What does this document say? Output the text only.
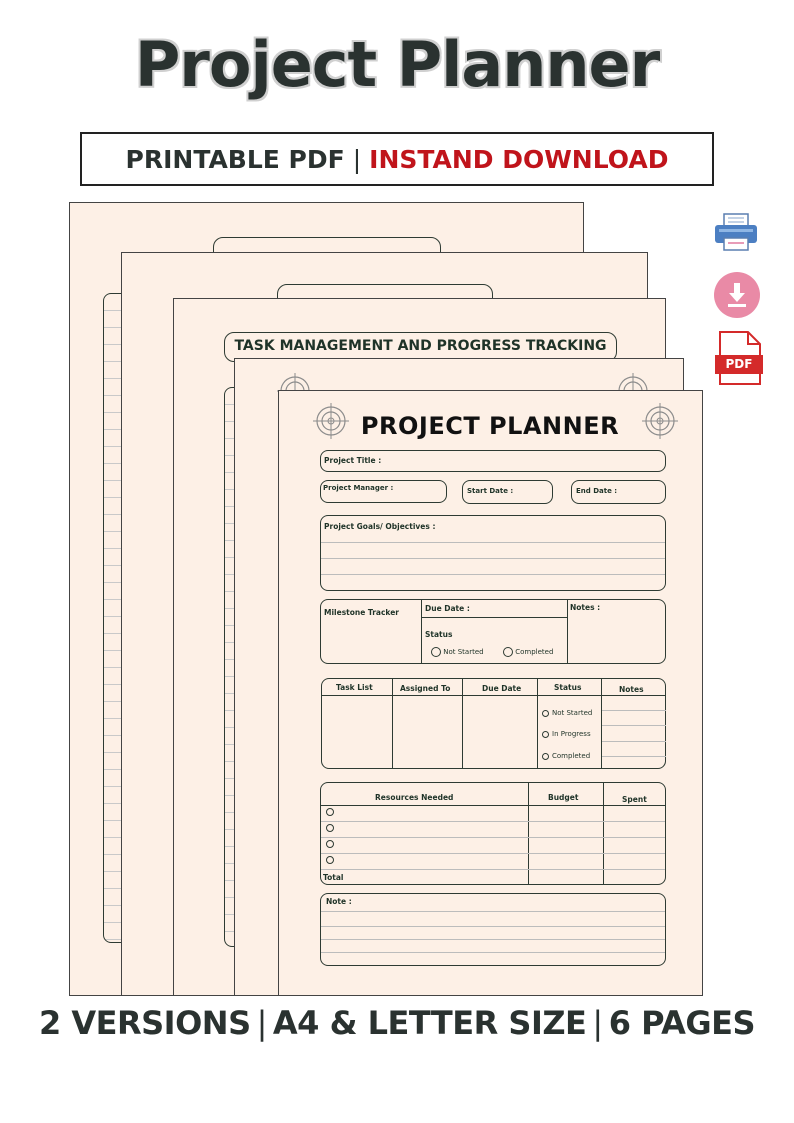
Project Planner
PRINTABLE PDF | INSTAND DOWNLOAD
TASK MANAGEMENT AND PROGRESS TRACKING
PROJECT PLANNER
Project Title :
Project Manager :	Start Date :	End Date :
Project Goals/ Objectives :
Milestone Tracker	Due Date :
Status
Not Started	Completed
Notes :
Task List	Assigned To	Due Date	Status	Notes
Not Started
In Progress
Completed
Resources Needed	Budget	Spent
Total
Note :
PDF
2 VERSIONS | A4 & LETTER SIZE | 6 PAGES
